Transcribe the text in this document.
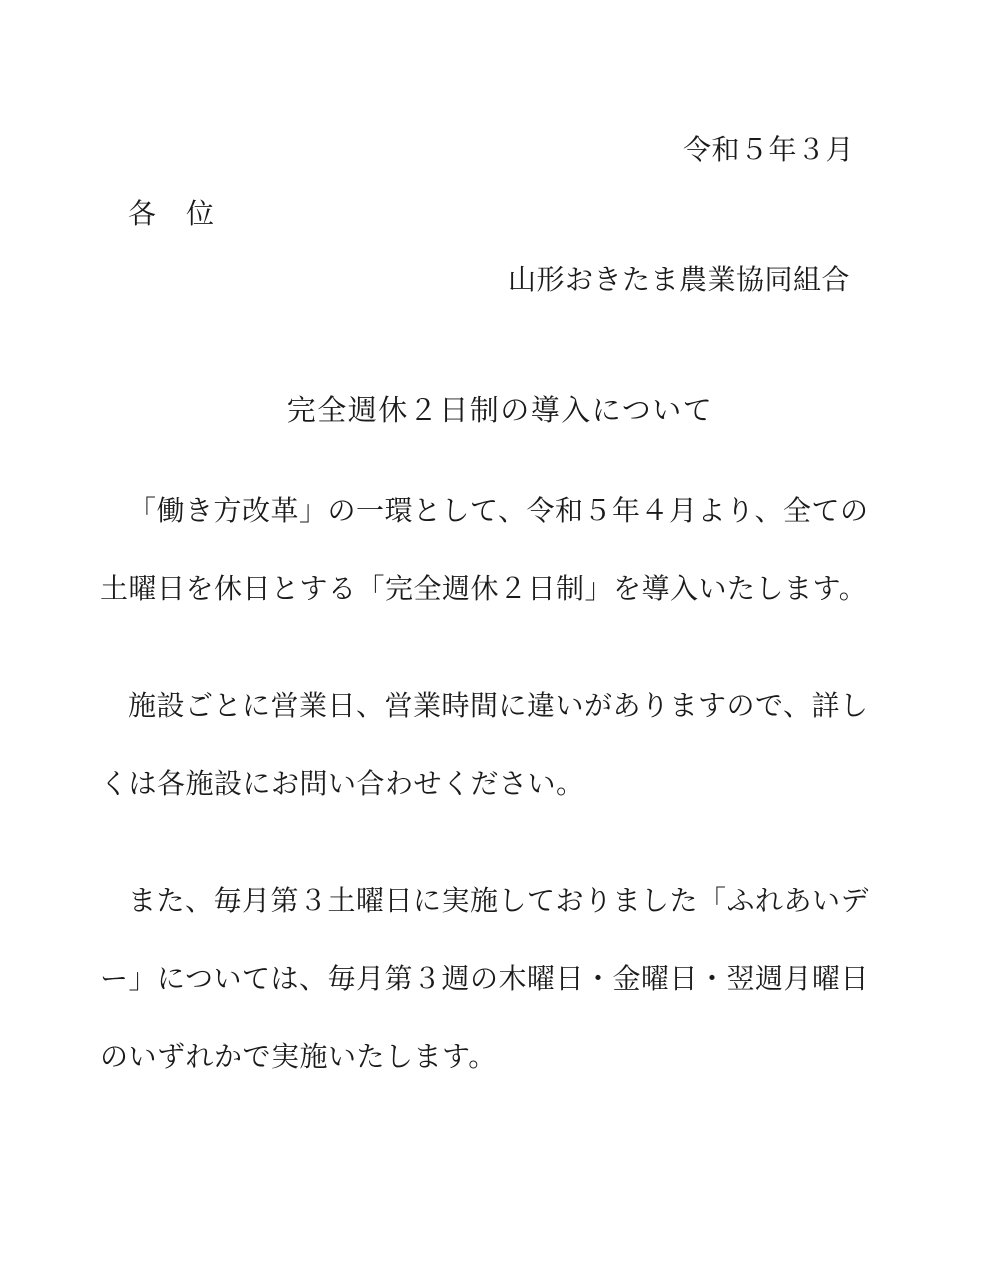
令和５年３月
各位
山形おきたま農業協同組合
完全週休２日制の導入について
「働き方改革」の一環として、令和５年４月より、全ての
土曜日を休日とする「完全週休２日制」を導入いたします。
施設ごとに営業日、営業時間に違いがありますので、詳し
くは各施設にお問い合わせください。
また、毎月第３土曜日に実施しておりました「ふれあいデ
ー」については、毎月第３週の木曜日・金曜日・翌週月曜日
のいずれかで実施いたします。
